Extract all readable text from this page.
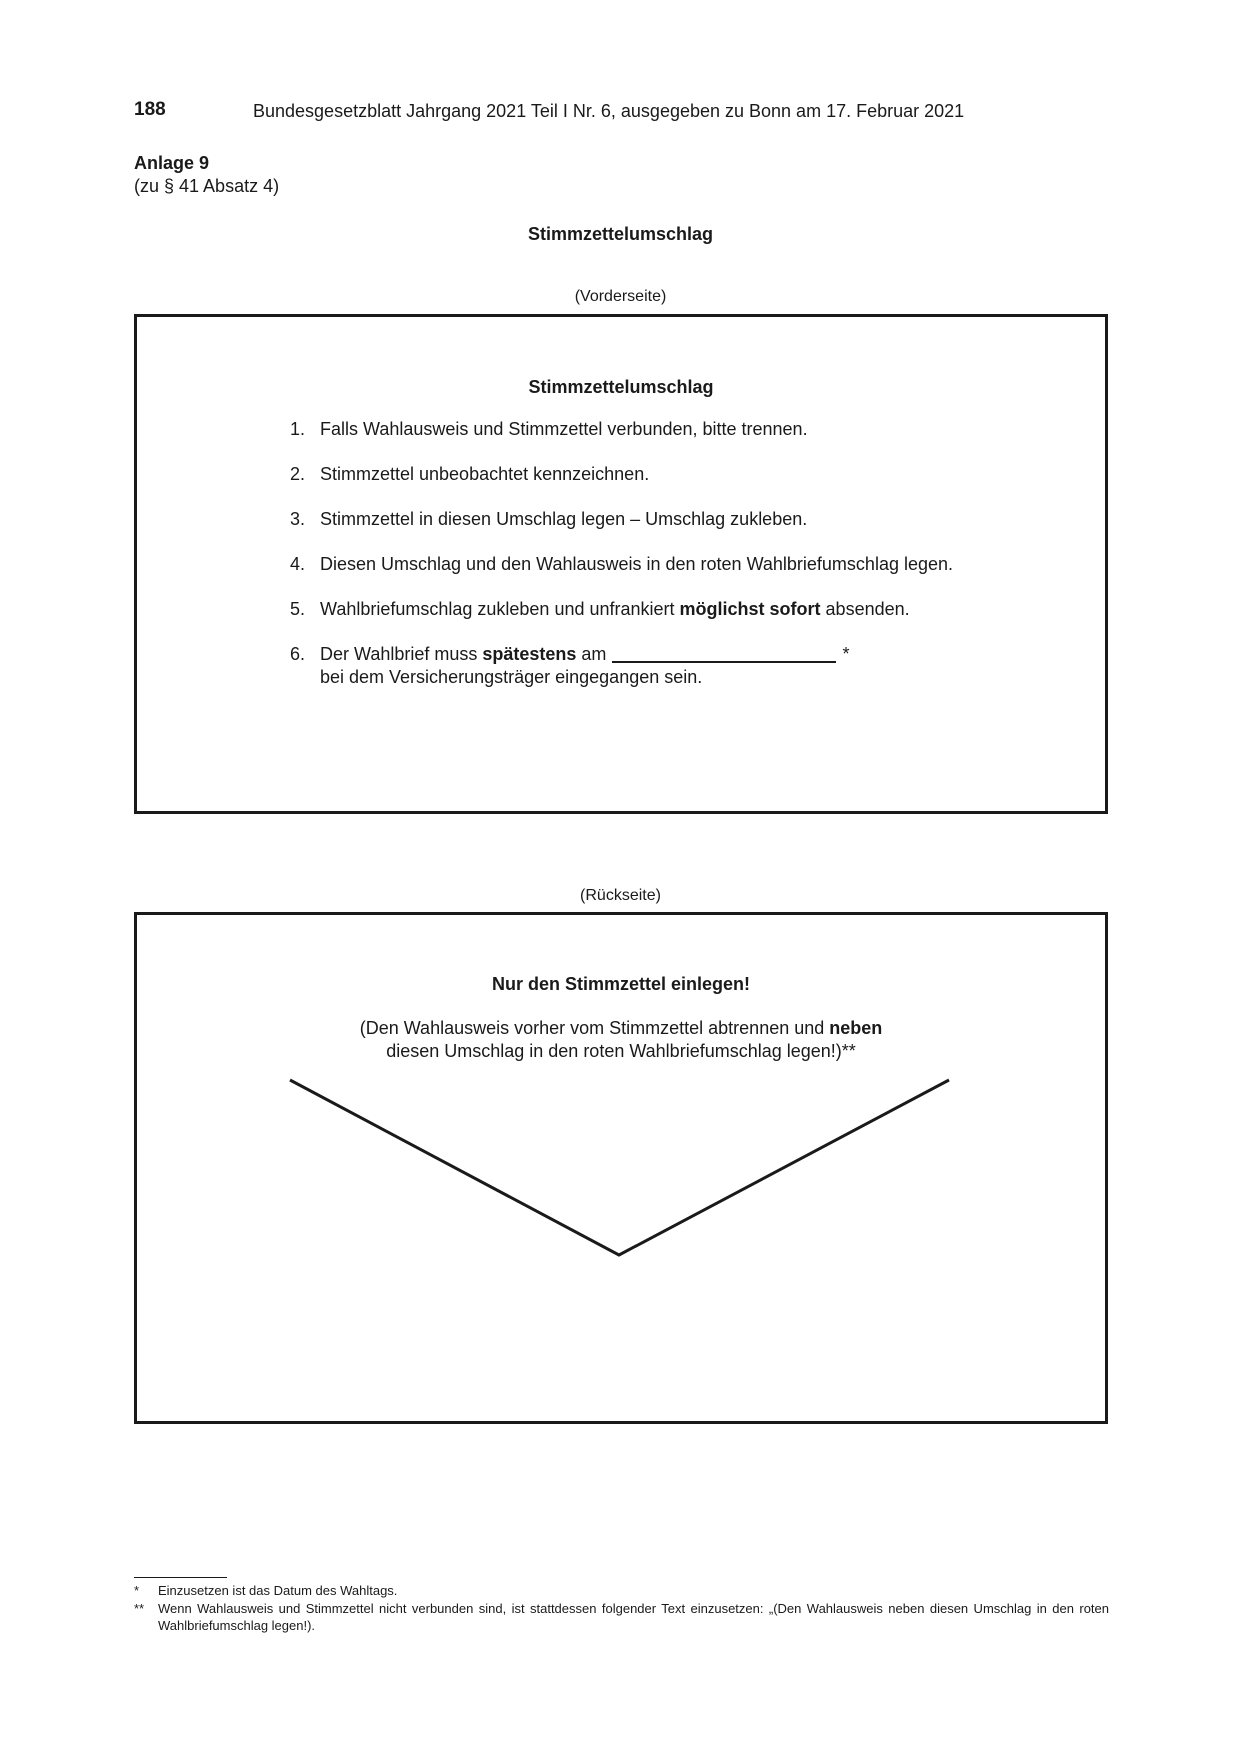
188	Bundesgesetzblatt Jahrgang 2021 Teil I Nr. 6, ausgegeben zu Bonn am 17. Februar 2021
Anlage 9
(zu § 41 Absatz 4)
Stimmzettelumschlag
(Vorderseite)
Stimmzettelumschlag
1. Falls Wahlausweis und Stimmzettel verbunden, bitte trennen.
2. Stimmzettel unbeobachtet kennzeichnen.
3. Stimmzettel in diesen Umschlag legen – Umschlag zukleben.
4. Diesen Umschlag und den Wahlausweis in den roten Wahlbriefumschlag legen.
5. Wahlbriefumschlag zukleben und unfrankiert möglichst sofort absenden.
6. Der Wahlbrief muss spätestens am	*
bei dem Versicherungsträger eingegangen sein.
(Rückseite)
Nur den Stimmzettel einlegen!
(Den Wahlausweis vorher vom Stimmzettel abtrennen und neben
diesen Umschlag in den roten Wahlbriefumschlag legen!)**
*	Einzusetzen ist das Datum des Wahltags.
**	Wenn Wahlausweis und Stimmzettel nicht verbunden sind, ist stattdessen folgender Text einzusetzen: „(Den Wahlausweis neben diesen Umschlag in den roten Wahlbriefumschlag legen!).
